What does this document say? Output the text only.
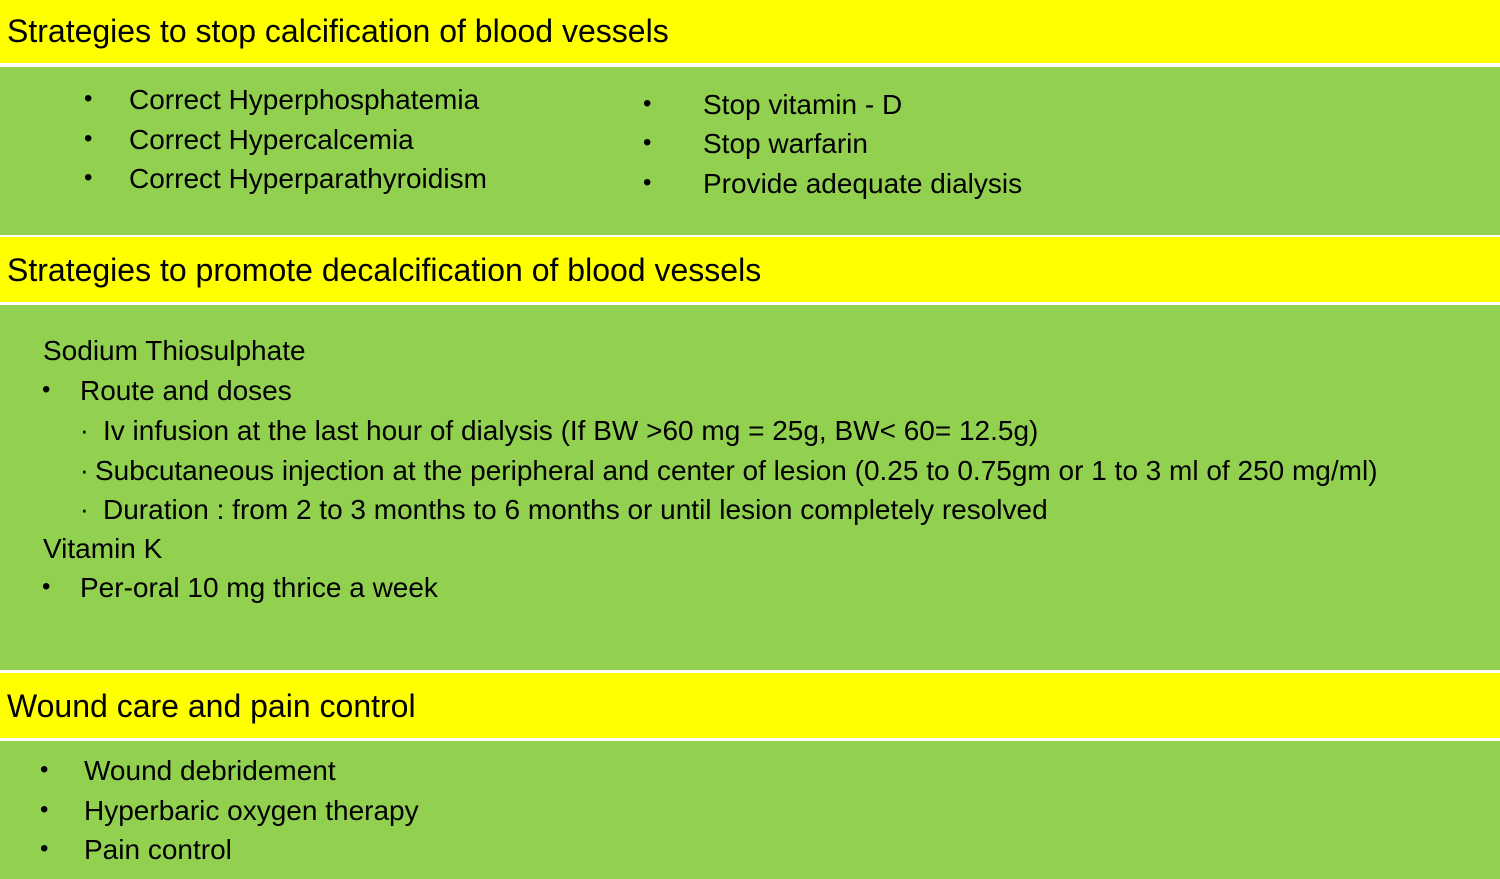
Strategies to stop calcification of blood vessels
• Correct Hyperphosphatemia
• Correct Hypercalcemia
• Correct Hyperparathyroidism
• Stop vitamin - D
• Stop warfarin
• Provide adequate dialysis
Strategies to promote decalcification of blood vessels
Sodium Thiosulphate
• Route and doses
· Iv infusion at the last hour of dialysis (If BW >60 mg = 25g, BW< 60= 12.5g)
· Subcutaneous injection at the peripheral and center of lesion (0.25 to 0.75gm or 1 to 3 ml of 250 mg/ml)
· Duration : from 2 to 3 months to 6 months or until lesion completely resolved
Vitamin K
• Per-oral 10 mg thrice a week
Wound care and pain control
• Wound debridement
• Hyperbaric oxygen therapy
• Pain control
